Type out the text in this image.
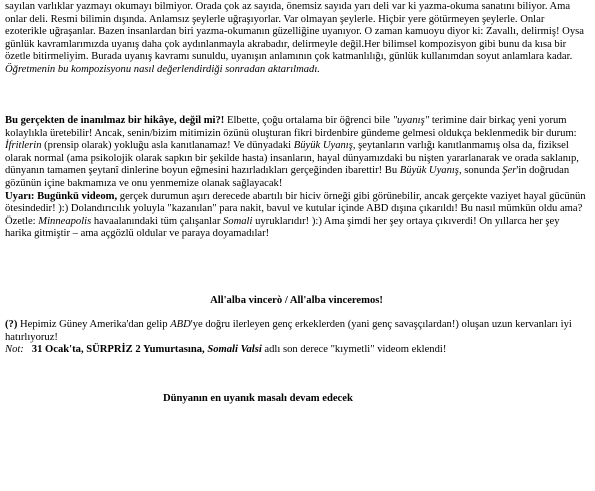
sayılan varlıklar yazmayı okumayı bilmiyor. Orada çok az sayıda, önemsiz sayıda yarı deli var ki yazma-okuma sanatını biliyor. Ama onlar deli. Resmi bilimin dışında. Anlamsız şeylerle uğraşıyorlar. Var olmayan şeylerle. Hiçbir yere götürmeyen şeylerle. Onlar ezoterikle uğraşanlar. Bazen insanlardan biri yazma-okumanın güzelliğine uyanıyor. O zaman kamuoyu diyor ki: Zavallı, delirmiş! Oysa günlük kavramlarımızda uyanış daha çok aydınlanmayla akrabadır, delirmeyle değil.Her bilimsel kompozisyon gibi bunu da kısa bir özetle bitirmeliyim. Burada uyanış kavramı sunuldu, uyanışın anlamının çok katmanlılığı, günlük kullanımdan soyut anlamlara kadar.

Öğretmenin bu kompozisyonu nasıl değerlendirdiği sonradan aktarılmadı.

Bu gerçekten de inanılmaz bir hikâye, değil mi?! Elbette, çoğu ortalama bir öğrenci bile "uyanış" terimine dair birkaç yeni yorum kolaylıkla üretebilir! Ancak, senin/bizim mitimizin özünü oluşturan fikri birdenbire gündeme gelmesi oldukça beklenmedik bir durum: İfritlerin (prensip olarak) yokluğu asla kanıtlanamaz! Ve dünyadaki Büyük Uyanış, şeytanların varlığı kanıtlanmamış olsa da, fiziksel olarak normal (ama psikolojik olarak sapkın bir şekilde hasta) insanların, hayal dünyamızdaki bu nişten yararlanarak ve orada saklanıp, dünyanın tamamen şeytanî dinlerine boyun eğmesini hazırladıkları gerçeğinden ibarettir! Bu Büyük Uyanış, sonunda Şer'in doğrudan gözünün içine bakmamıza ve onu yenmemize olanak sağlayacak!

Uyarı: Bugünkü videom, gerçek durumun aşırı derecede abartılı bir hiciv örneği gibi görünebilir, ancak gerçekte vaziyet hayal gücünün ötesindedir! ):) Dolandırıcılık yoluyla "kazanılan" para nakit, bavul ve kutular içinde ABD dışına çıkarıldı! Bu nasıl mümkün oldu ama? Özetle: Minneapolis havaalanındaki tüm çalışanlar Somali uyruklarıdır! ):) Ama şimdi her şey ortaya çıkıverdi! On yıllarca her şey harika gitmiştir – ama açgözlü oldular ve paraya doyamadılar!

All'alba vincerò / All'alba vinceremos!

(?) Hepimiz Güney Amerika'dan gelip ABD'ye doğru ilerleyen genç erkeklerden (yani genç savaşçılardan!) oluşan uzun kervanları iyi hatırlıyoruz!

Not: 31 Ocak'ta, SÜRPRİZ 2 Yumurtasına, Somali Valsi adlı son derece "kıymetli" videom eklendi!

Dünyanın en uyanık masalı devam edecek
